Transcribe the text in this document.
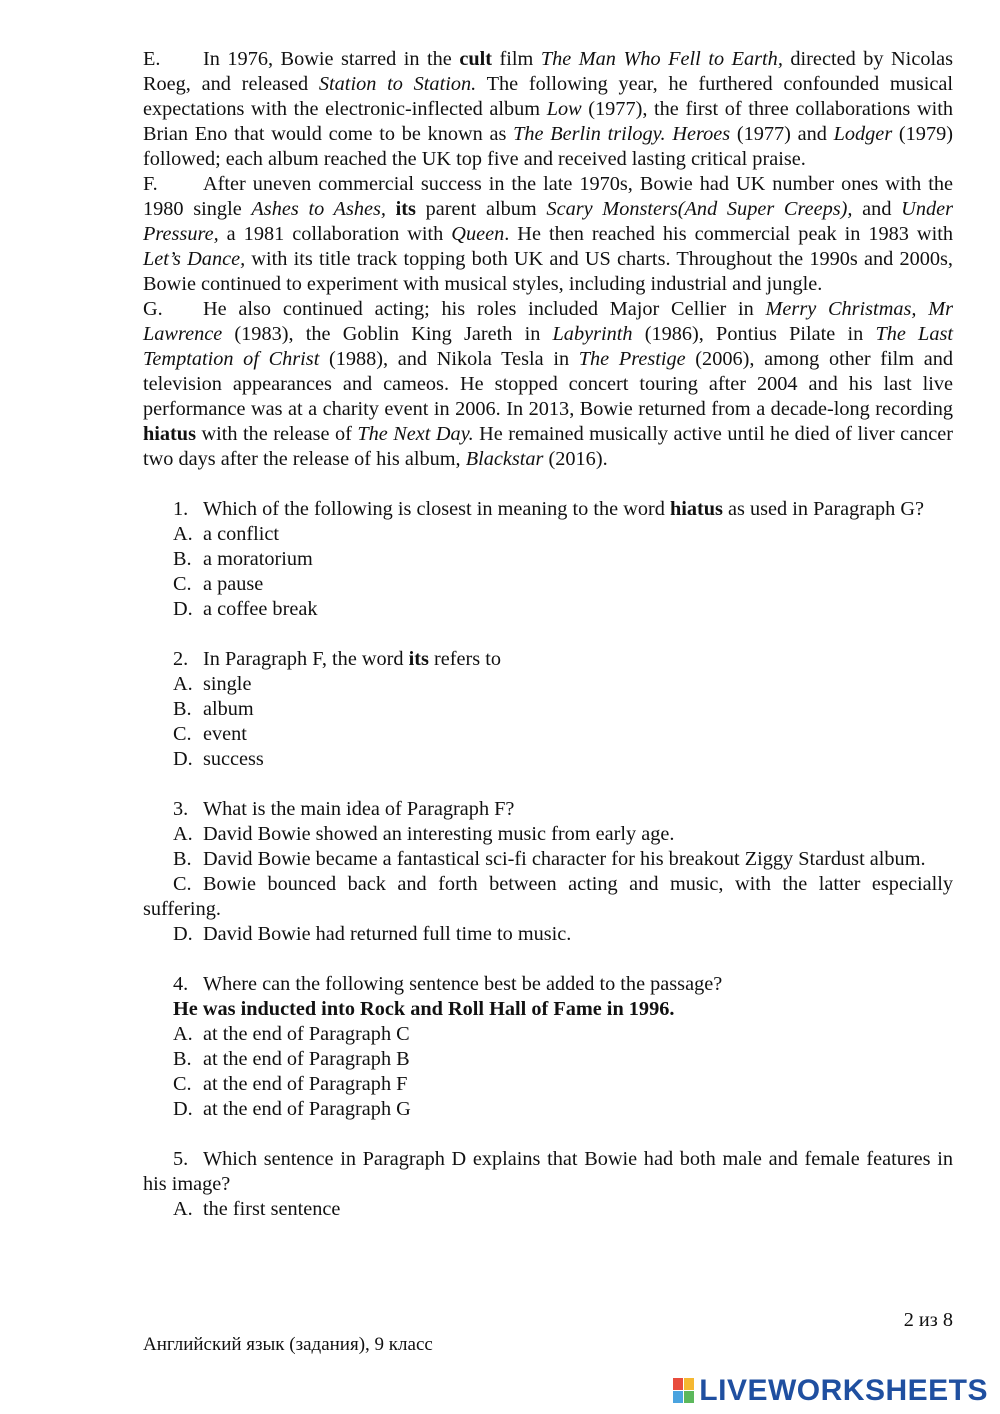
E. In 1976, Bowie starred in the cult film The Man Who Fell to Earth, directed by Nicolas Roeg, and released Station to Station. The following year, he furthered confounded musical expectations with the electronic-inflected album Low (1977), the first of three collaborations with Brian Eno that would come to be known as The Berlin trilogy. Heroes (1977) and Lodger (1979) followed; each album reached the UK top five and received lasting critical praise.

F. After uneven commercial success in the late 1970s, Bowie had UK number ones with the 1980 single Ashes to Ashes, its parent album Scary Monsters(And Super Creeps), and Under Pressure, a 1981 collaboration with Queen. He then reached his commercial peak in 1983 with Let’s Dance, with its title track topping both UK and US charts. Throughout the 1990s and 2000s, Bowie continued to experiment with musical styles, including industrial and jungle.

G. He also continued acting; his roles included Major Cellier in Merry Christmas, Mr Lawrence (1983), the Goblin King Jareth in Labyrinth (1986), Pontius Pilate in The Last Temptation of Christ (1988), and Nikola Tesla in The Prestige (2006), among other film and television appearances and cameos. He stopped concert touring after 2004 and his last live performance was at a charity event in 2006. In 2013, Bowie returned from a decade-long recording hiatus with the release of The Next Day. He remained musically active until he died of liver cancer two days after the release of his album, Blackstar (2016).

1. Which of the following is closest in meaning to the word hiatus as used in Paragraph G?

A. a conflict

B. a moratorium

C. a pause

D. a coffee break

2. In Paragraph F, the word its refers to

A. single

B. album

C. event

D. success

3. What is the main idea of Paragraph F?

A. David Bowie showed an interesting music from early age.

B. David Bowie became a fantastical sci-fi character for his breakout Ziggy Stardust album.

C. Bowie bounced back and forth between acting and music, with the latter especially suffering.

D. David Bowie had returned full time to music.

4. Where can the following sentence best be added to the passage?

He was inducted into Rock and Roll Hall of Fame in 1996.

A. at the end of Paragraph C

B. at the end of Paragraph B

C. at the end of Paragraph F

D. at the end of Paragraph G

5. Which sentence in Paragraph D explains that Bowie had both male and female features in his image?

A. the first sentence

2 из 8
Английский язык (задания), 9 класс
LIVEWORKSHEETS
